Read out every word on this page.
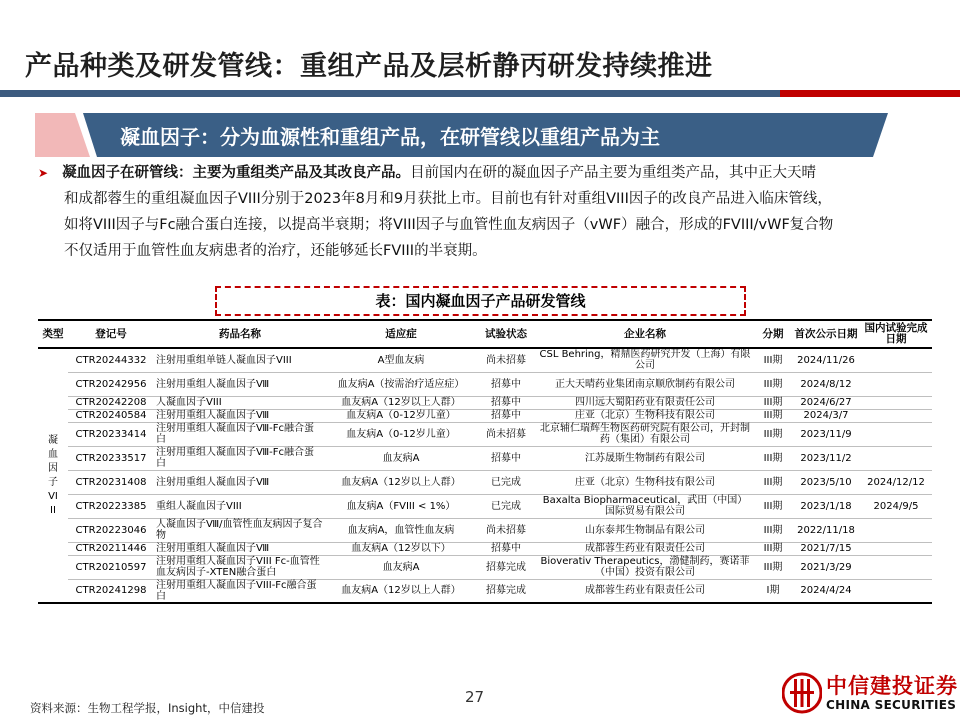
产品种类及研发管线：重组产品及层析静丙研发持续推进
凝血因子：分为血源性和重组产品，在研管线以重组产品为主
➤ 凝血因子在研管线：主要为重组类产品及其改良产品。目前国内在研的凝血因子产品主要为重组类产品，其中正大天晴
和成都蓉生的重组凝血因子VIII分别于2023年8月和9月获批上市。目前也有针对重组VIII因子的改良产品进入临床管线，
如将VIII因子与Fc融合蛋白连接，以提高半衰期；将VIII因子与血管性血友病因子（vWF）融合，形成的FVIII/vWF复合物
不仅适用于血管性血友病患者的治疗，还能够延长FVIII的半衰期。
表：国内凝血因子产品研发管线
类型	登记号	药品名称	适应症	试验状态	企业名称	分期	首次公示日期	国内试验完成日期
凝血因子VIII	CTR20244332	注射用重组单链人凝血因子VIII	A型血友病	尚未招募	CSL Behring，精鼎医药研究开发（上海）有限公司	III期	2024/11/26	
	CTR20242956	注射用重组人凝血因子Ⅷ	血友病A（按需治疗适应症）	招募中	正大天晴药业集团南京顺欣制药有限公司	III期	2024/8/12	
	CTR20242208	人凝血因子VIII	血友病A（12岁以上人群）	招募中	四川远大蜀阳药业有限责任公司	III期	2024/6/27	
	CTR20240584	注射用重组人凝血因子Ⅷ	血友病A（0-12岁儿童）	招募中	庄亚（北京）生物科技有限公司	III期	2024/3/7	
	CTR20233414	注射用重组人凝血因子Ⅷ-Fc融合蛋白	血友病A（0-12岁儿童）	尚未招募	北京辅仁瑞辉生物医药研究院有限公司，开封制药（集团）有限公司	III期	2023/11/9	
	CTR20233517	注射用重组人凝血因子Ⅷ-Fc融合蛋白	血友病A	招募中	江苏晟斯生物制药有限公司	III期	2023/11/2	
	CTR20231408	注射用重组人凝血因子Ⅷ	血友病A（12岁以上人群）	已完成	庄亚（北京）生物科技有限公司	III期	2023/5/10	2024/12/12
	CTR20223385	重组人凝血因子VIII	血友病A（FVIII < 1%）	已完成	Baxalta Biopharmaceutical，武田（中国）国际贸易有限公司	III期	2023/1/18	2024/9/5
	CTR20223046	人凝血因子Ⅷ/血管性血友病因子复合物	血友病A，血管性血友病	尚未招募	山东泰邦生物制品有限公司	III期	2022/11/18	
	CTR20211446	注射用重组人凝血因子Ⅷ	血友病A（12岁以下）	招募中	成都蓉生药业有限责任公司	III期	2021/7/15	
	CTR20210597	注射用重组人凝血因子VIII Fc-血管性血友病因子-XTEN融合蛋白	血友病A	招募完成	Bioverativ Therapeutics，渤健制药，赛诺菲（中国）投资有限公司	III期	2021/3/29	
	CTR20241298	注射用重组人凝血因子VIII-Fc融合蛋白	血友病A（12岁以上人群）	招募完成	成都蓉生药业有限责任公司	I期	2024/4/24	
27
资料来源：生物工程学报，Insight，中信建投
中信建投证券
CHINA SECURITIES
